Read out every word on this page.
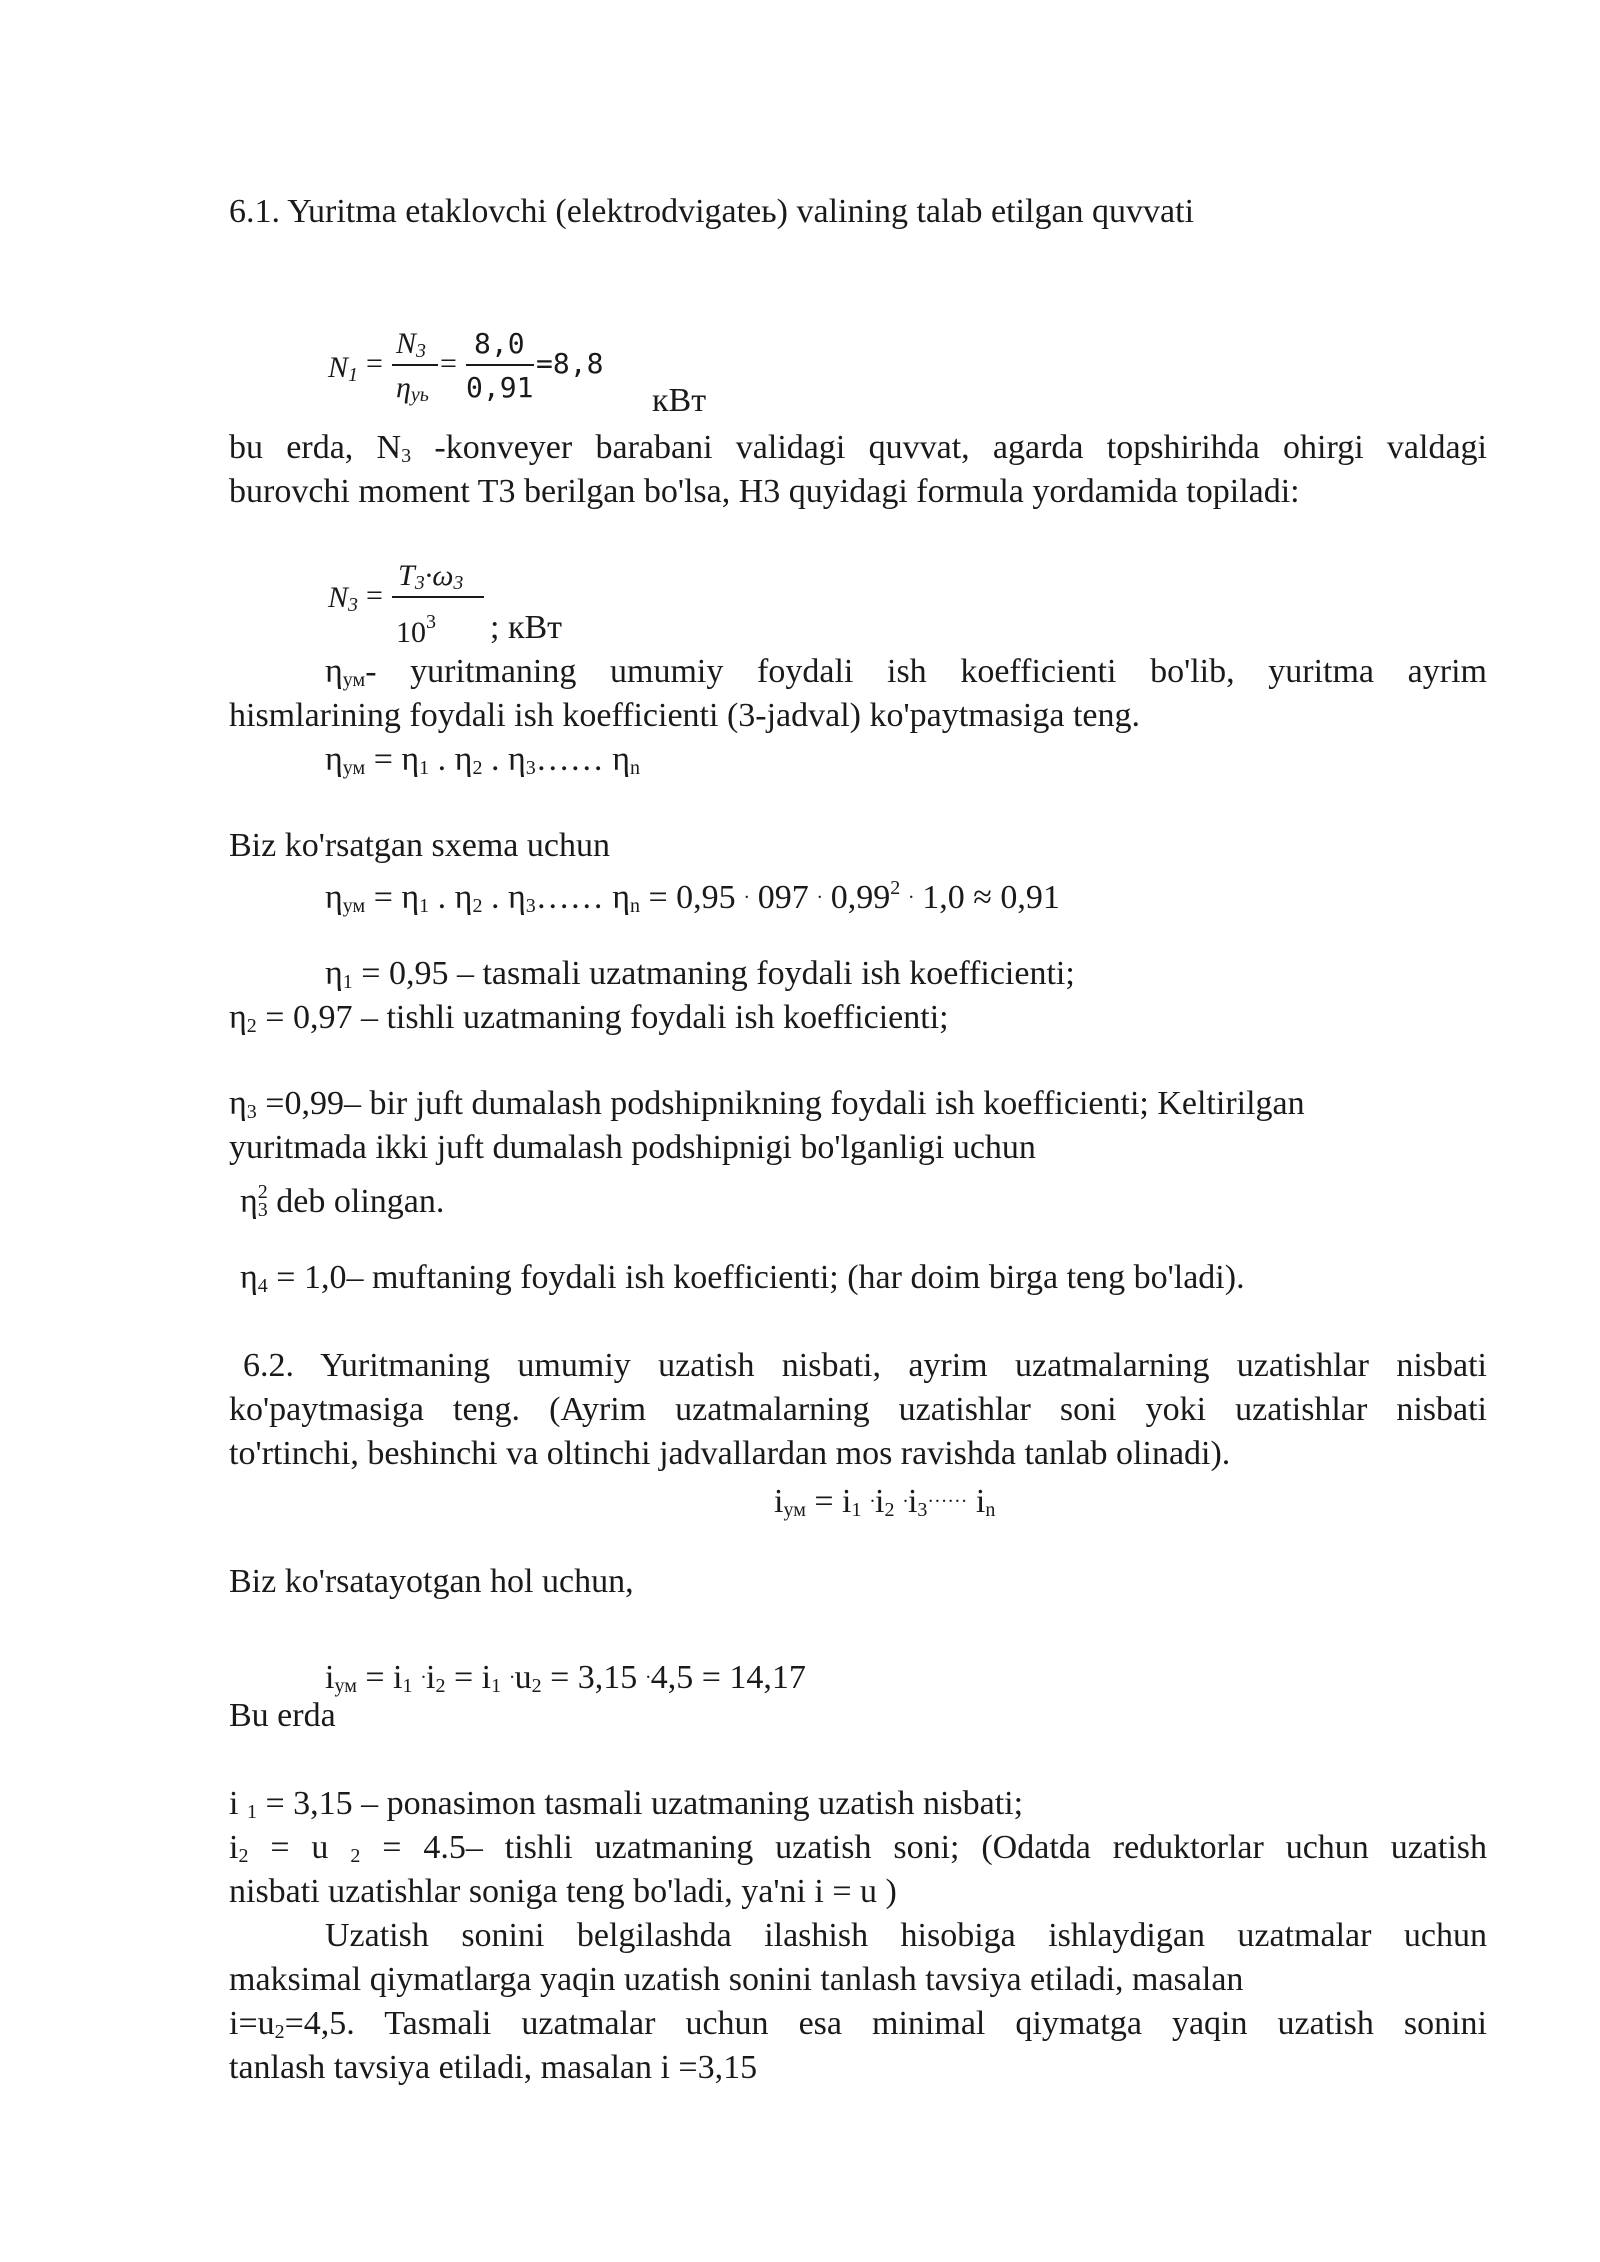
6.1. Yuritma etaklovchi (elektrodvigateь) valining talab etilgan quvvati
$N_1$ =
$N_3$
$\eta_{уь}$
=
8,0
0,91
=8,8
кВт
bu erda, $N_3$ -konveyer barabani validagi quvvat, agarda topshirihda ohirgi valdagi
burovchi moment T3 berilgan bo'lsa, H3 quyidagi formula yordamida topiladi:
$N_3$ =
$T_3\cdot\omega_3$
$10^3$ ; кВт
$\eta_{ум}-$ yuritmaning umumiy foydali ish koefficienti bo'lib, yuritma ayrim
hismlarining foydali ish koefficienti (3-jadval) ko'paytmasiga teng.
$\eta_{ум} = \eta_1$ . $\eta_2$ . $\eta_3\dots\dots$ $\eta_n$
Biz ko'rsatgan sxema uchun
$\eta_{ум} = \eta_1$ . $\eta_2$ . $\eta_3\dots\dots$ $\eta_n = 0,95$ . 097 . 0,99$^2$ . 1,0 ≈ 0,91
$\eta_1 = 0,95$ – tasmali uzatmaning foydali ish koefficienti;
$\eta_2 = 0,97$ – tishli uzatmaning foydali ish koefficienti;
$\eta_3 =0,99-$ bir juft dumalash podshipnikning foydali ish koefficienti; Keltirilgan
yuritmada ikki juft dumalash podshipnigi bo'lganligi uchun
$\eta_3^2$ deb olingan.
$\eta_4 = 1,0-$ muftaning foydali ish koefficienti; (har doim birga teng bo'ladi).
6.2. Yuritmaning umumiy uzatish nisbati, ayrim uzatmalarning uzatishlar nisbati
ko'paytmasiga teng. (Ayrim uzatmalarning uzatishlar soni yoki uzatishlar nisbati
to'rtinchi, beshinchi va oltinchi jadvallardan mos ravishda tanlab olinadi).
$i_{ум} = i_1$ $^.i_2$ $^.i_3^{\dots\dots}$ $i_n$
Biz ko'rsatayotgan hol uchun,
$i_{ум} = i_1$ $^.i_2 = i_1$ $^.u_2 = 3,15$ .4,5 = 14,17
Bu erda
i $_1$ = 3,15 – ponasimon tasmali uzatmaning uzatish nisbati;
$i_2 = u$ $_2$ = 4.5– tishli uzatmaning uzatish soni; (Odatda reduktorlar uchun uzatish
nisbati uzatishlar soniga teng bo'ladi, ya'ni i = u )
Uzatish sonini belgilashda ilashish hisobiga ishlaydigan uzatmalar uchun
maksimal qiymatlarga yaqin uzatish sonini tanlash tavsiya etiladi, masalan
$i=u_2=4,5$. Tasmali uzatmalar uchun esa minimal qiymatga yaqin uzatish sonini
tanlash tavsiya etiladi, masalan i =3,15
